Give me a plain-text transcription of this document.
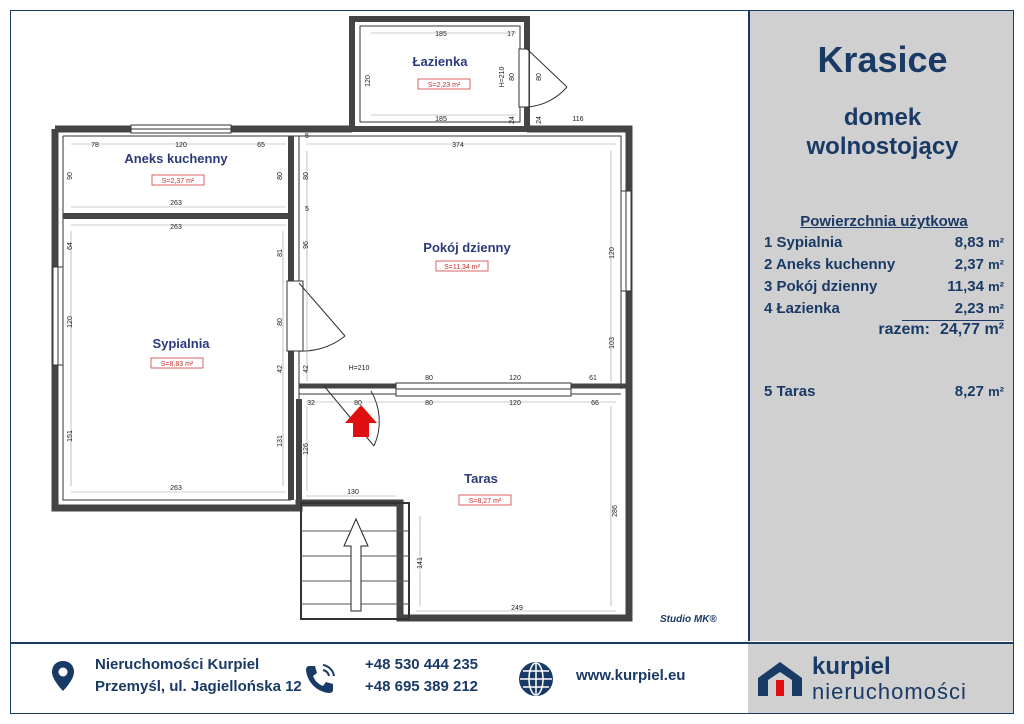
Łazienka
S=2,23 m²
Aneks kuchenny
S=2,37 m²
Pokój dzienny
S=11,34 m²
Sypialnia
S=8,83 m²
Taras
S=8,27 m²
185	17
120	80
H=210	80
185	24	24	116
78	120	65	374
5
5
90	80
263
263
80
64
81
96
120	80
120
42	42	H=210
80	120	61
103
32	80	80	120	66
151	131
126
263
130
141
286
249
Studio MK®
Krasice
domek
wolnostojący
Powierzchnia użytkowa
1 Sypialnia	8,83 m²
2 Aneks kuchenny	2,37 m²
3 Pokój dzienny	11,34 m²
4 Łazienka	2,23 m²
razem: 24,77
m²
5 Taras	8,27 m²
Nieruchomości Kurpiel
Przemyśl, ul. Jagiellońska 12
+48 530 444 235
+48 695 389 212
www.kurpiel.eu	kurpiel
nieruchomości
